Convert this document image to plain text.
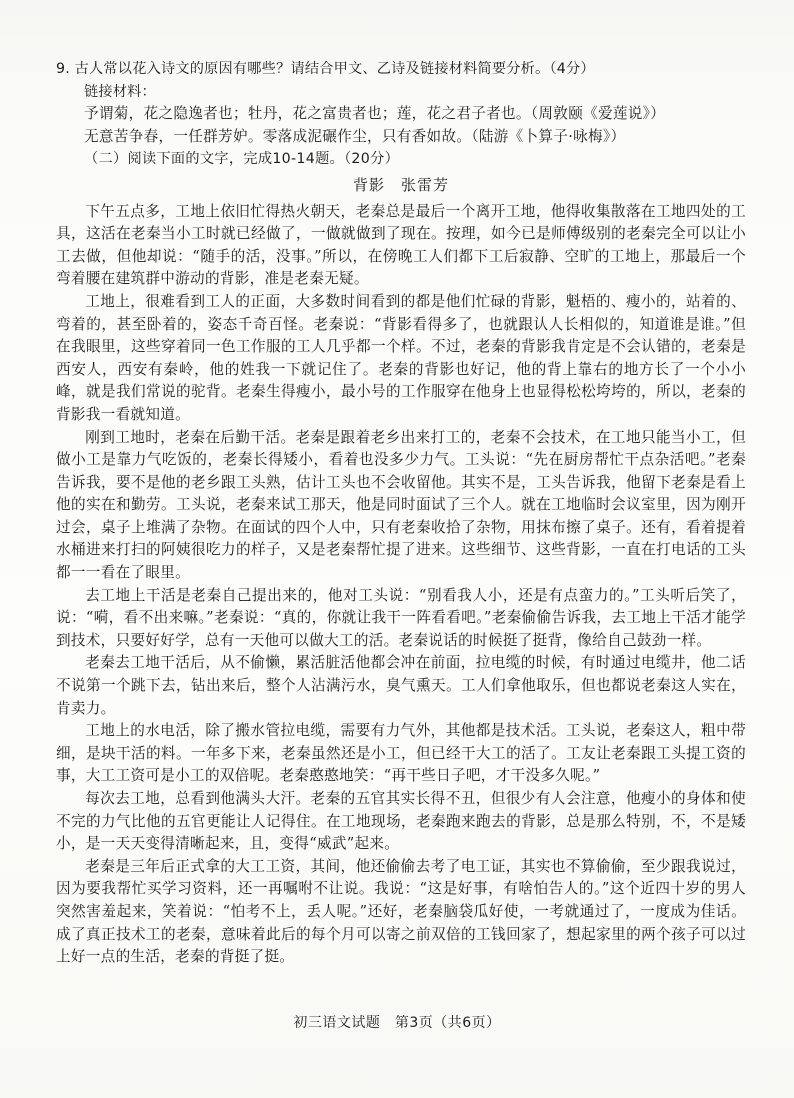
9. 古人常以花入诗文的原因有哪些？请结合甲文、乙诗及链接材料简要分析。（4分）

链接材料：

予谓菊，花之隐逸者也；牡丹，花之富贵者也；莲，花之君子者也。（周敦颐《爱莲说》）

无意苦争春，一任群芳妒。零落成泥碾作尘，只有香如故。（陆游《卜算子·咏梅》）

（二）阅读下面的文字，完成10-14题。（20分）

背影 张雷芳

下午五点多，工地上依旧忙得热火朝天，老秦总是最后一个离开工地，他得收集散落在工地四处的工具，这活在老秦当小工时就已经做了，一做就做到了现在。按理，如今已是师傅级别的老秦完全可以让小工去做，但他却说：“随手的活，没事。”所以，在傍晚工人们都下工后寂静、空旷的工地上，那最后一个弯着腰在建筑群中游动的背影，准是老秦无疑。

工地上，很难看到工人的正面，大多数时间看到的都是他们忙碌的背影，魁梧的、瘦小的，站着的、弯着的，甚至卧着的，姿态千奇百怪。老秦说：“背影看得多了，也就跟认人长相似的，知道谁是谁。”但在我眼里，这些穿着同一色工作服的工人几乎都一个样。不过，老秦的背影我肯定是不会认错的，老秦是西安人，西安有秦岭，他的姓我一下就记住了。老秦的背影也好记，他的背上靠右的地方长了一个小小峰，就是我们常说的驼背。老秦生得瘦小，最小号的工作服穿在他身上也显得松松垮垮的，所以，老秦的背影我一看就知道。

刚到工地时，老秦在后勤干活。老秦是跟着老乡出来打工的，老秦不会技术，在工地只能当小工，但做小工是靠力气吃饭的，老秦长得矮小，看着也没多少力气。工头说：“先在厨房帮忙干点杂活吧。”老秦告诉我，要不是他的老乡跟工头熟，估计工头也不会收留他。其实不是，工头告诉我，他留下老秦是看上他的实在和勤劳。工头说，老秦来试工那天，他是同时面试了三个人。就在工地临时会议室里，因为刚开过会，桌子上堆满了杂物。在面试的四个人中，只有老秦收拾了杂物，用抹布擦了桌子。还有，看着提着水桶进来打扫的阿姨很吃力的样子，又是老秦帮忙提了进来。这些细节、这些背影，一直在打电话的工头都一一看在了眼里。

去工地上干活是老秦自己提出来的，他对工头说：“别看我人小，还是有点蛮力的。”工头听后笑了，说：“嗬，看不出来嘛。”老秦说：“真的，你就让我干一阵看看吧。”老秦偷偷告诉我，去工地上干活才能学到技术，只要好好学，总有一天他可以做大工的活。老秦说话的时候挺了挺背，像给自己鼓劲一样。

老秦去工地干活后，从不偷懒，累活脏活他都会冲在前面，拉电缆的时候，有时通过电缆井，他二话不说第一个跳下去，钻出来后，整个人沾满污水，臭气熏天。工人们拿他取乐，但也都说老秦这人实在，肯卖力。

工地上的水电活，除了搬水管拉电缆，需要有力气外，其他都是技术活。工头说，老秦这人，粗中带细，是块干活的料。一年多下来，老秦虽然还是小工，但已经干大工的活了。工友让老秦跟工头提工资的事，大工工资可是小工的双倍呢。老秦憨憨地笑：“再干些日子吧，才干没多久呢。”

每次去工地，总看到他满头大汗。老秦的五官其实长得不丑，但很少有人会注意，他瘦小的身体和使不完的力气比他的五官更能让人记得住。在工地现场，老秦跑来跑去的背影，总是那么特别，不，不是矮小，是一天天变得清晰起来，且，变得“威武”起来。

老秦是三年后正式拿的大工工资，其间，他还偷偷去考了电工证，其实也不算偷偷，至少跟我说过，因为要我帮忙买学习资料，还一再嘱咐不让说。我说：“这是好事，有啥怕告人的。”这个近四十岁的男人突然害羞起来，笑着说：“怕考不上，丢人呢。”还好，老秦脑袋瓜好使，一考就通过了，一度成为佳话。成了真正技术工的老秦，意味着此后的每个月可以寄之前双倍的工钱回家了，想起家里的两个孩子可以过上好一点的生活，老秦的背挺了挺。

初三语文试题　第3页（共6页）
